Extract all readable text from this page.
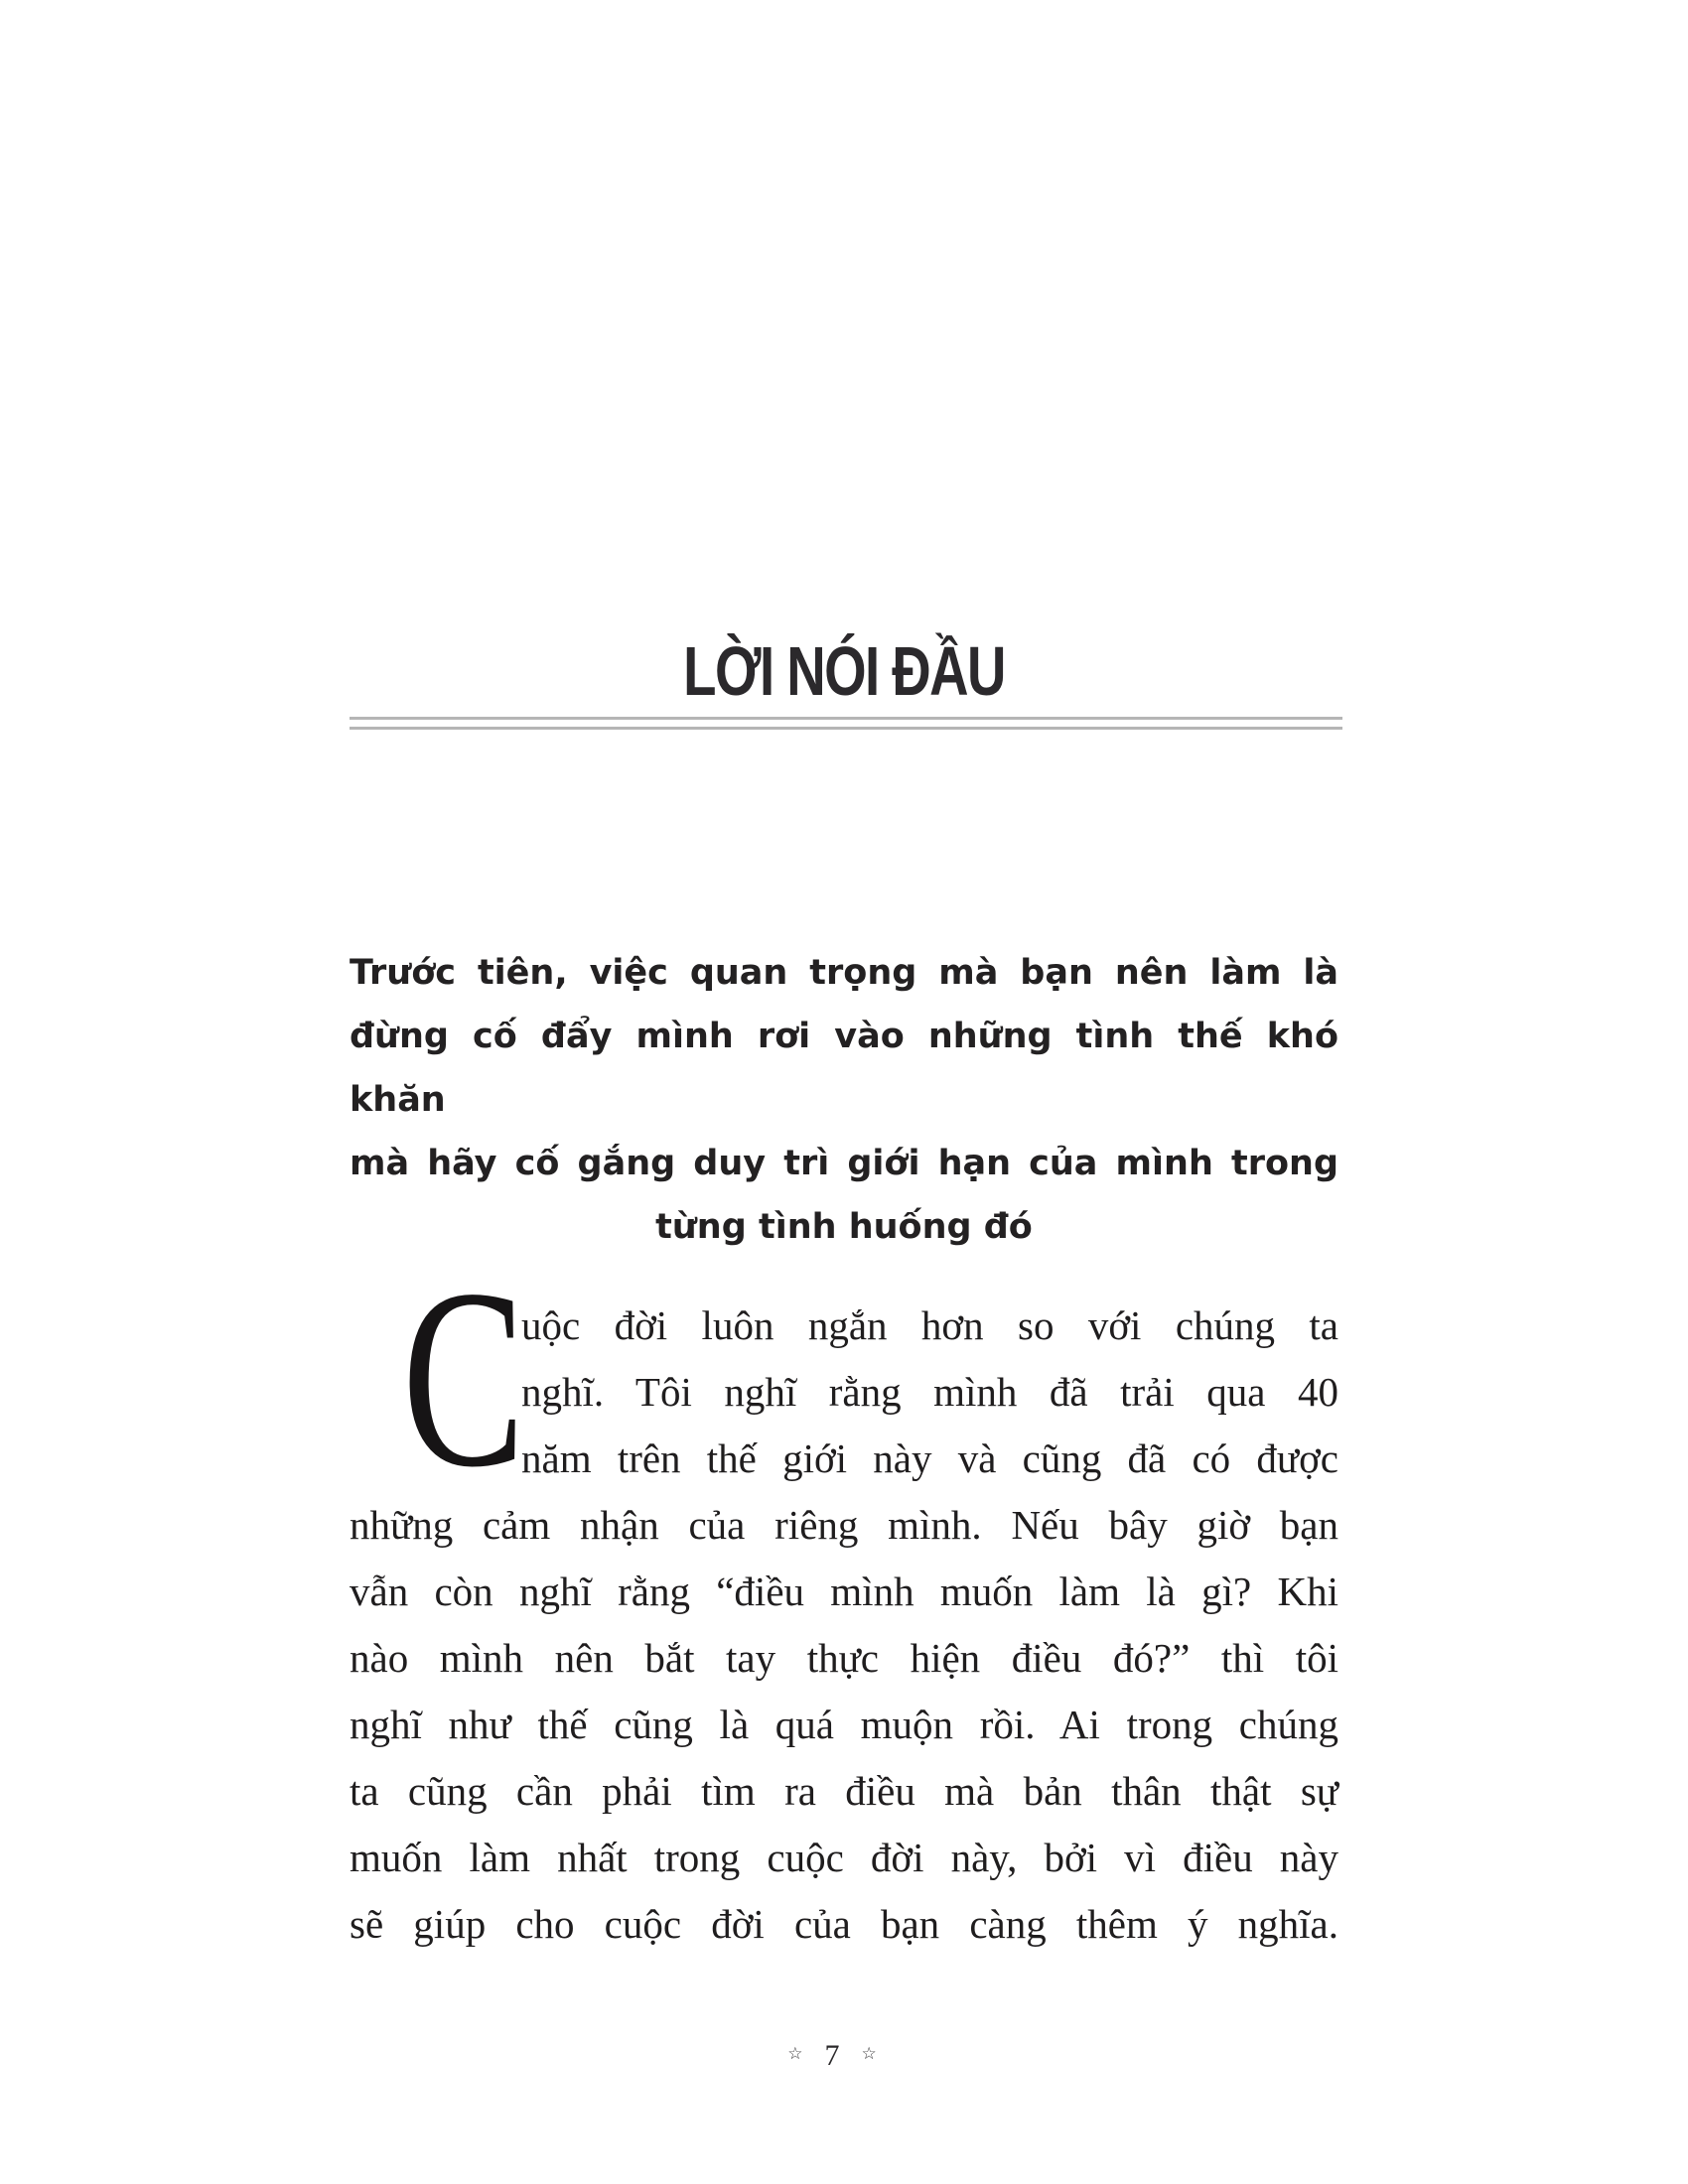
LỜI NÓI ĐẦU
Trước tiên, việc quan trọng mà bạn nên làm là
đừng cố đẩy mình rơi vào những tình thế khó khăn
mà hãy cố gắng duy trì giới hạn của mình trong
từng tình huống đó
C
uộc đời luôn ngắn hơn so với chúng ta
nghĩ. Tôi nghĩ rằng mình đã trải qua 40
năm trên thế giới này và cũng đã có được
những cảm nhận của riêng mình. Nếu bây giờ bạn
vẫn còn nghĩ rằng “điều mình muốn làm là gì? Khi
nào mình nên bắt tay thực hiện điều đó?” thì tôi
nghĩ như thế cũng là quá muộn rồi. Ai trong chúng
ta cũng cần phải tìm ra điều mà bản thân thật sự
muốn làm nhất trong cuộc đời này, bởi vì điều này
sẽ giúp cho cuộc đời của bạn càng thêm ý nghĩa.
☆ 7 ☆
